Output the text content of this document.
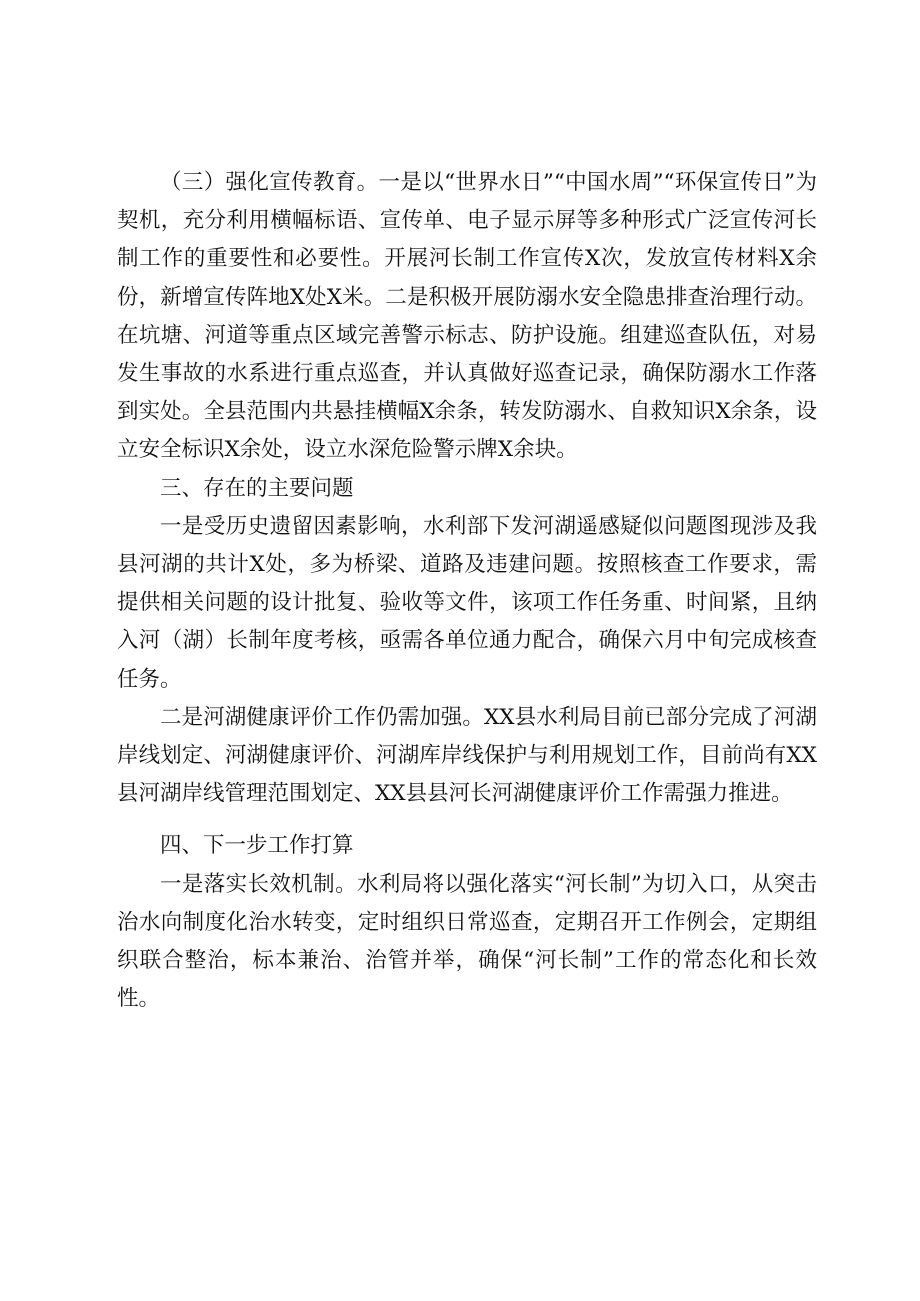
（三）强化宣传教育。一是以“世界水日”“中国水周”“环保宣传日”为契机，充分利用横幅标语、宣传单、电子显示屏等多种形式广泛宣传河长制工作的重要性和必要性。开展河长制工作宣传X次，发放宣传材料X余份，新增宣传阵地X处X米。二是积极开展防溺水安全隐患排查治理行动。在坑塘、河道等重点区域完善警示标志、防护设施。组建巡查队伍，对易发生事故的水系进行重点巡查，并认真做好巡查记录，确保防溺水工作落到实处。全县范围内共悬挂横幅X余条，转发防溺水、自救知识X余条，设立安全标识X余处，设立水深危险警示牌X余块。

三、存在的主要问题

一是受历史遗留因素影响，水利部下发河湖遥感疑似问题图现涉及我县河湖的共计X处，多为桥梁、道路及违建问题。按照核查工作要求，需提供相关问题的设计批复、验收等文件，该项工作任务重、时间紧，且纳入河（湖）长制年度考核，亟需各单位通力配合，确保六月中旬完成核查任务。

二是河湖健康评价工作仍需加强。XX县水利局目前已部分完成了河湖岸线划定、河湖健康评价、河湖库岸线保护与利用规划工作，目前尚有XX县河湖岸线管理范围划定、XX县县河长河湖健康评价工作需强力推进。

四、下一步工作打算

一是落实长效机制。水利局将以强化落实“河长制”为切入口，从突击治水向制度化治水转变，定时组织日常巡查，定期召开工作例会，定期组织联合整治，标本兼治、治管并举，确保“河长制”工作的常态化和长效性。
